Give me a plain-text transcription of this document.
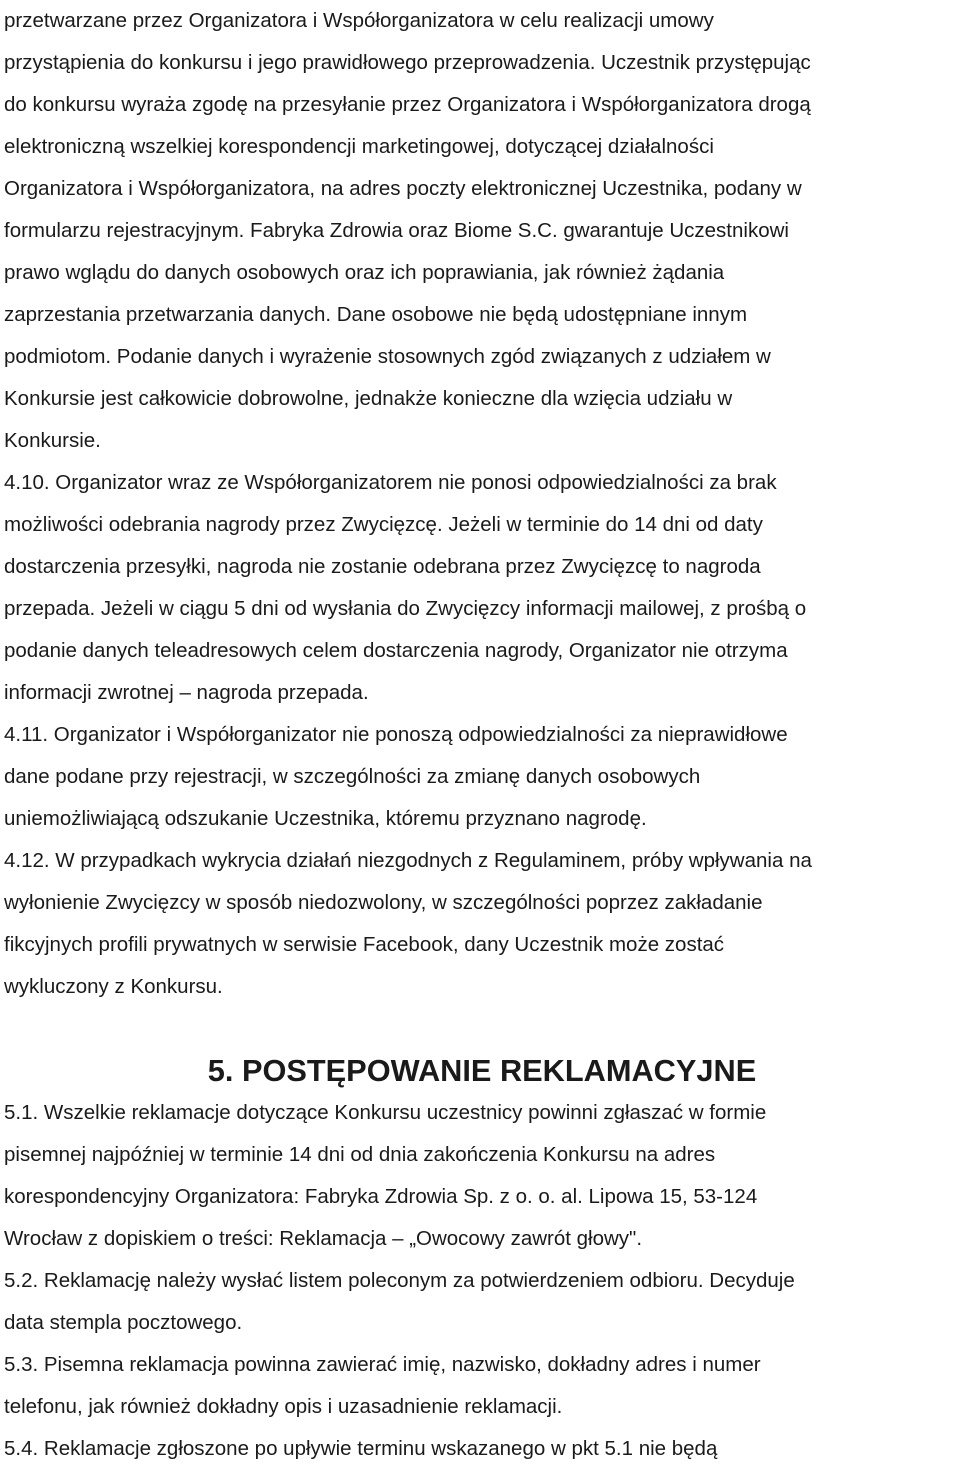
przetwarzane przez Organizatora i Współorganizatora w celu realizacji umowy
przystąpienia do konkursu i jego prawidłowego przeprowadzenia. Uczestnik przystępując
do konkursu wyraża zgodę na przesyłanie przez Organizatora i Współorganizatora drogą
elektroniczną wszelkiej korespondencji marketingowej, dotyczącej działalności
Organizatora i Współorganizatora, na adres poczty elektronicznej Uczestnika, podany w
formularzu rejestracyjnym. Fabryka Zdrowia oraz Biome S.C. gwarantuje Uczestnikowi
prawo wglądu do danych osobowych oraz ich poprawiania, jak również żądania
zaprzestania przetwarzania danych. Dane osobowe nie będą udostępniane innym
podmiotom. Podanie danych i wyrażenie stosownych zgód związanych z udziałem w
Konkursie jest całkowicie dobrowolne, jednakże konieczne dla wzięcia udziału w
Konkursie.

4.10. Organizator wraz ze Współorganizatorem nie ponosi odpowiedzialności za brak
możliwości odebrania nagrody przez Zwycięzcę. Jeżeli w terminie do 14 dni od daty
dostarczenia przesyłki, nagroda nie zostanie odebrana przez Zwycięzcę to nagroda
przepada. Jeżeli w ciągu 5 dni od wysłania do Zwycięzcy informacji mailowej, z prośbą o
podanie danych teleadresowych celem dostarczenia nagrody, Organizator nie otrzyma
informacji zwrotnej – nagroda przepada.

4.11. Organizator i Współorganizator nie ponoszą odpowiedzialności za nieprawidłowe
dane podane przy rejestracji, w szczególności za zmianę danych osobowych
uniemożliwiającą odszukanie Uczestnika, któremu przyznano nagrodę.

4.12. W przypadkach wykrycia działań niezgodnych z Regulaminem, próby wpływania na
wyłonienie Zwycięzcy w sposób niedozwolony, w szczególności poprzez zakładanie
fikcyjnych profili prywatnych w serwisie Facebook, dany Uczestnik może zostać
wykluczony z Konkursu.

5. POSTĘPOWANIE REKLAMACYJNE

5.1. Wszelkie reklamacje dotyczące Konkursu uczestnicy powinni zgłaszać w formie
pisemnej najpóźniej w terminie 14 dni od dnia zakończenia Konkursu na adres
korespondencyjny Organizatora: Fabryka Zdrowia Sp. z o. o. al. Lipowa 15, 53-124
Wrocław z dopiskiem o treści: Reklamacja – „Owocowy zawrót głowy".

5.2. Reklamację należy wysłać listem poleconym za potwierdzeniem odbioru. Decyduje
data stempla pocztowego.

5.3. Pisemna reklamacja powinna zawierać imię, nazwisko, dokładny adres i numer
telefonu, jak również dokładny opis i uzasadnienie reklamacji.

5.4. Reklamacje zgłoszone po upływie terminu wskazanego w pkt 5.1 nie będą
